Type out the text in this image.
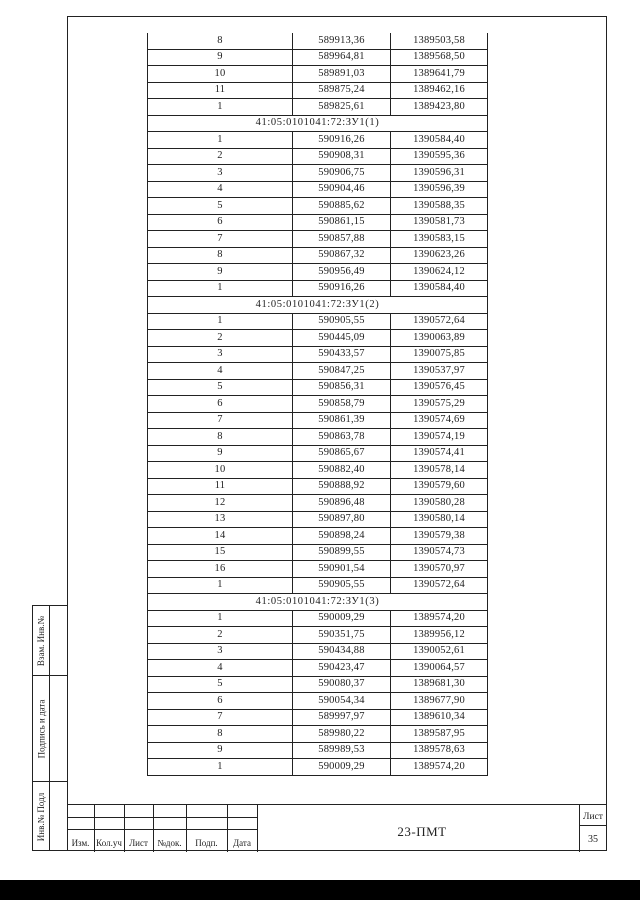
8	589913,36	1389503,58
9	589964,81	1389568,50
10	589891,03	1389641,79
11	589875,24	1389462,16
1	589825,61	1389423,80
41:05:0101041:72:ЗУ1(1)		
1	590916,26	1390584,40
2	590908,31	1390595,36
3	590906,75	1390596,31
4	590904,46	1390596,39
5	590885,62	1390588,35
6	590861,15	1390581,73
7	590857,88	1390583,15
8	590867,32	1390623,26
9	590956,49	1390624,12
1	590916,26	1390584,40
41:05:0101041:72:ЗУ1(2)		
1	590905,55	1390572,64
2	590445,09	1390063,89
3	590433,57	1390075,85
4	590847,25	1390537,97
5	590856,31	1390576,45
6	590858,79	1390575,29
7	590861,39	1390574,69
8	590863,78	1390574,19
9	590865,67	1390574,41
10	590882,40	1390578,14
11	590888,92	1390579,60
12	590896,48	1390580,28
13	590897,80	1390580,14
14	590898,24	1390579,38
15	590899,55	1390574,73
16	590901,54	1390570,97
1	590905,55	1390572,64
41:05:0101041:72:ЗУ1(3)		
1	590009,29	1389574,20
2	590351,75	1389956,12
3	590434,88	1390052,61
4	590423,47	1390064,57
5	590080,37	1389681,30
6	590054,34	1389677,90
7	589997,97	1389610,34
8	589980,22	1389587,95
9	589989,53	1389578,63
1	590009,29	1389574,20
Взам. Инв.№
Подпись и дата
Инв.№ Подл
Изм. Кол.уч Лист	№док.	Подп.	Дата
23-ПМТ
Лист
35
